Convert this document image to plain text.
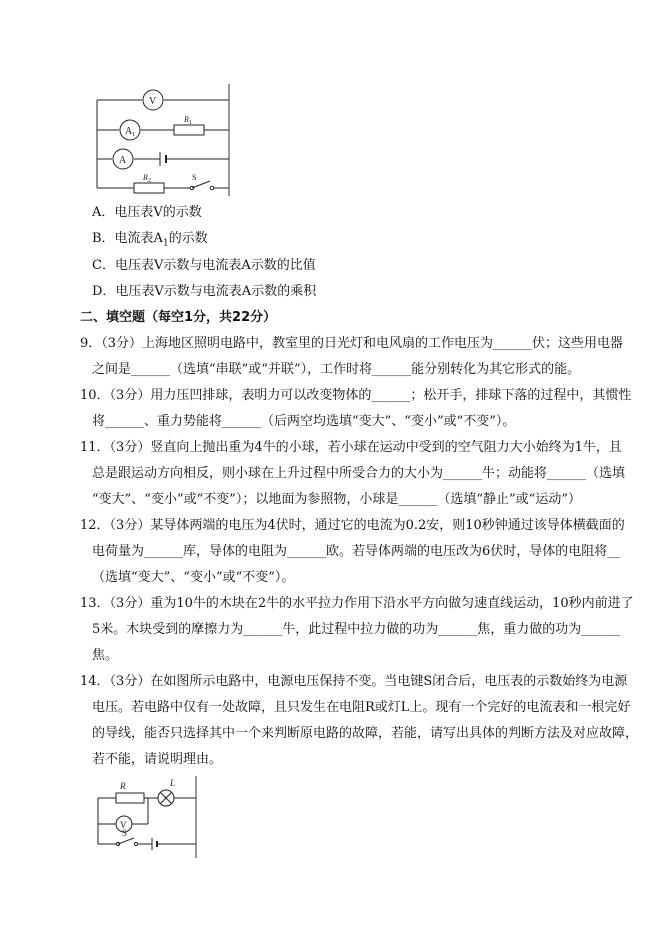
V
A 1
R 1
A
R 2	S
A．电压表V的示数
B．电流表$A_1$的示数
C．电压表V示数与电流表A示数的比值
D．电压表V示数与电流表A示数的乘积
二、填空题（每空1分，共22分）
9．（3分）上海地区照明电路中，教室里的日光灯和电风扇的工作电压为______伏；这些用电器
之间是______（选填“串联”或“并联”），工作时将______能分别转化为其它形式的能。
10．（3分）用力压凹排球，表明力可以改变物体的______；松开手，排球下落的过程中，其惯性
将______、重力势能将______（后两空均选填“变大”、“变小”或“不变”）。
11．（3分）竖直向上抛出重为4牛的小球，若小球在运动中受到的空气阻力大小始终为1牛，且
总是跟运动方向相反，则小球在上升过程中所受合力的大小为______牛；动能将______（选填
“变大”、“变小”或“不变”）；以地面为参照物，小球是______（选填“静止”或“运动”）
12．（3分）某导体两端的电压为4伏时，通过它的电流为0.2安，则10秒钟通过该导体横截面的
电荷量为______库，导体的电阻为______欧。若导体两端的电压改为6伏时，导体的电阻将__
（选填“变大”、“变小”或“不变”）。
13．（3分）重为10牛的木块在2牛的水平拉力作用下沿水平方向做匀速直线运动，10秒内前进了
5米。木块受到的摩擦力为______牛，此过程中拉力做的功为______焦，重力做的功为______
焦。
14．（3分）在如图所示电路中，电源电压保持不变。当电键S闭合后，电压表的示数始终为电源
电压。若电路中仅有一处故障，且只发生在电阻R或灯L上。现有一个完好的电流表和一根完好
的导线，能否只选择其中一个来判断原电路的故障，若能，请写出具体的判断方法及对应故障，
若不能，请说明理由。
R	L
V
S
